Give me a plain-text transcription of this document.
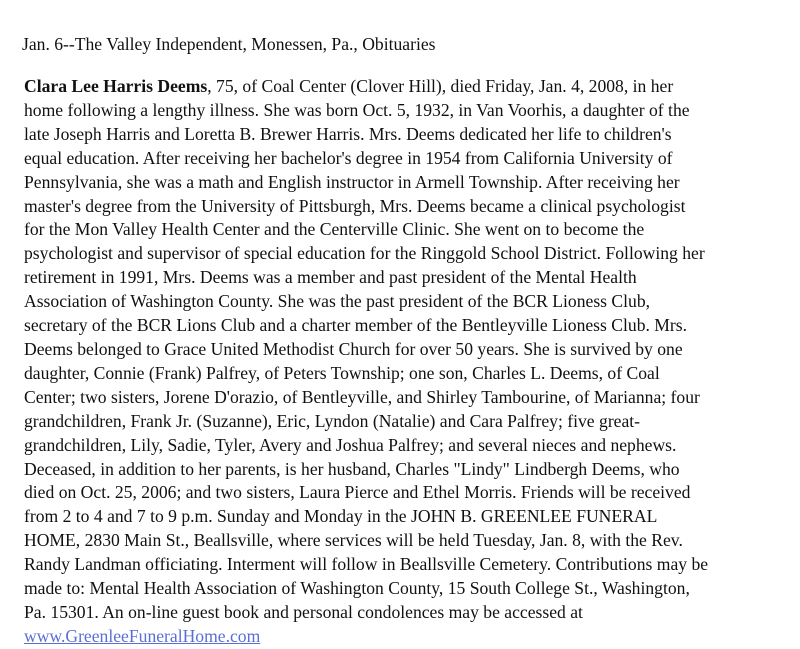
Jan. 6--The Valley Independent, Monessen, Pa., Obituaries
Clara Lee Harris Deems, 75, of Coal Center (Clover Hill), died Friday, Jan. 4, 2008, in her
home following a lengthy illness. She was born Oct. 5, 1932, in Van Voorhis, a daughter of the
late Joseph Harris and Loretta B. Brewer Harris. Mrs. Deems dedicated her life to children's
equal education. After receiving her bachelor's degree in 1954 from California University of
Pennsylvania, she was a math and English instructor in Armell Township. After receiving her
master's degree from the University of Pittsburgh, Mrs. Deems became a clinical psychologist
for the Mon Valley Health Center and the Centerville Clinic. She went on to become the
psychologist and supervisor of special education for the Ringgold School District. Following her
retirement in 1991, Mrs. Deems was a member and past president of the Mental Health
Association of Washington County. She was the past president of the BCR Lioness Club,
secretary of the BCR Lions Club and a charter member of the Bentleyville Lioness Club. Mrs.
Deems belonged to Grace United Methodist Church for over 50 years. She is survived by one
daughter, Connie (Frank) Palfrey, of Peters Township; one son, Charles L. Deems, of Coal
Center; two sisters, Jorene D'orazio, of Bentleyville, and Shirley Tambourine, of Marianna; four
grandchildren, Frank Jr. (Suzanne), Eric, Lyndon (Natalie) and Cara Palfrey; five great-
grandchildren, Lily, Sadie, Tyler, Avery and Joshua Palfrey; and several nieces and nephews.
Deceased, in addition to her parents, is her husband, Charles "Lindy" Lindbergh Deems, who
died on Oct. 25, 2006; and two sisters, Laura Pierce and Ethel Morris. Friends will be received
from 2 to 4 and 7 to 9 p.m. Sunday and Monday in the JOHN B. GREENLEE FUNERAL
HOME, 2830 Main St., Beallsville, where services will be held Tuesday, Jan. 8, with the Rev.
Randy Landman officiating. Interment will follow in Beallsville Cemetery. Contributions may be
made to: Mental Health Association of Washington County, 15 South College St., Washington,
Pa. 15301. An on-line guest book and personal condolences may be accessed at
www.GreenleeFuneralHome.com
